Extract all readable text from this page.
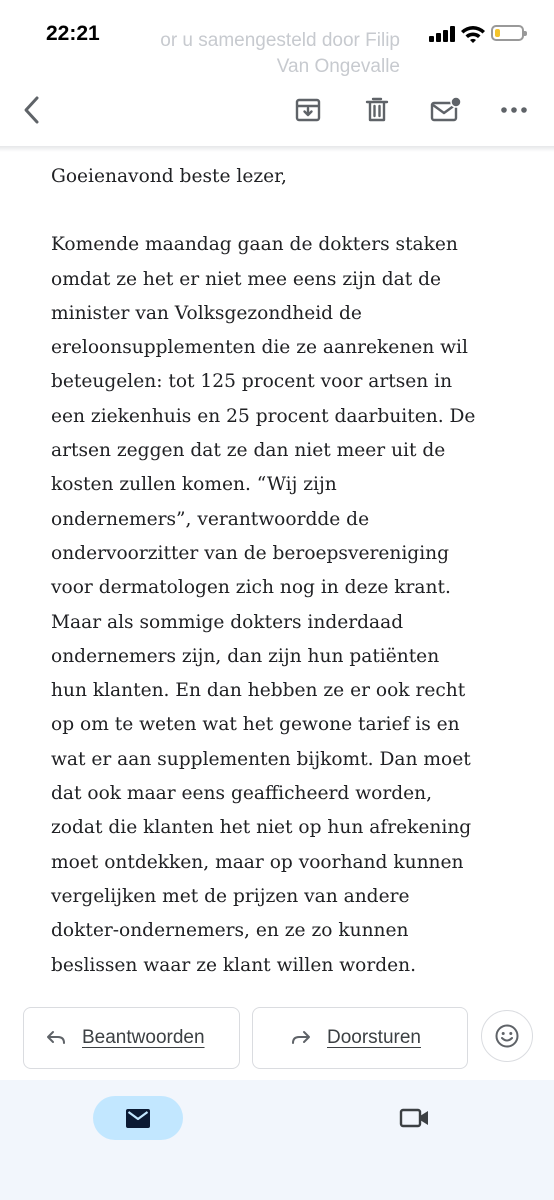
or u samengesteld door Filip
Van Ongevalle
22:21

Goeienavond beste lezer,

Komende maandag gaan de dokters staken
omdat ze het er niet mee eens zijn dat de
minister van Volksgezondheid de
ereloonsupplementen die ze aanrekenen wil
beteugelen: tot 125 procent voor artsen in
een ziekenhuis en 25 procent daarbuiten. De
artsen zeggen dat ze dan niet meer uit de
kosten zullen komen. “Wij zijn
ondernemers”, verantwoordde de
ondervoorzitter van de beroepsvereniging
voor dermatologen zich nog in deze krant.
Maar als sommige dokters inderdaad
ondernemers zijn, dan zijn hun patiënten
hun klanten. En dan hebben ze er ook recht
op om te weten wat het gewone tarief is en
wat er aan supplementen bijkomt. Dan moet
dat ook maar eens geafficheerd worden,
zodat die klanten het niet op hun afrekening
moet ontdekken, maar op voorhand kunnen
vergelijken met de prijzen van andere
dokter-ondernemers, en ze zo kunnen
beslissen waar ze klant willen worden.
Beantwoorden	Doorsturen
